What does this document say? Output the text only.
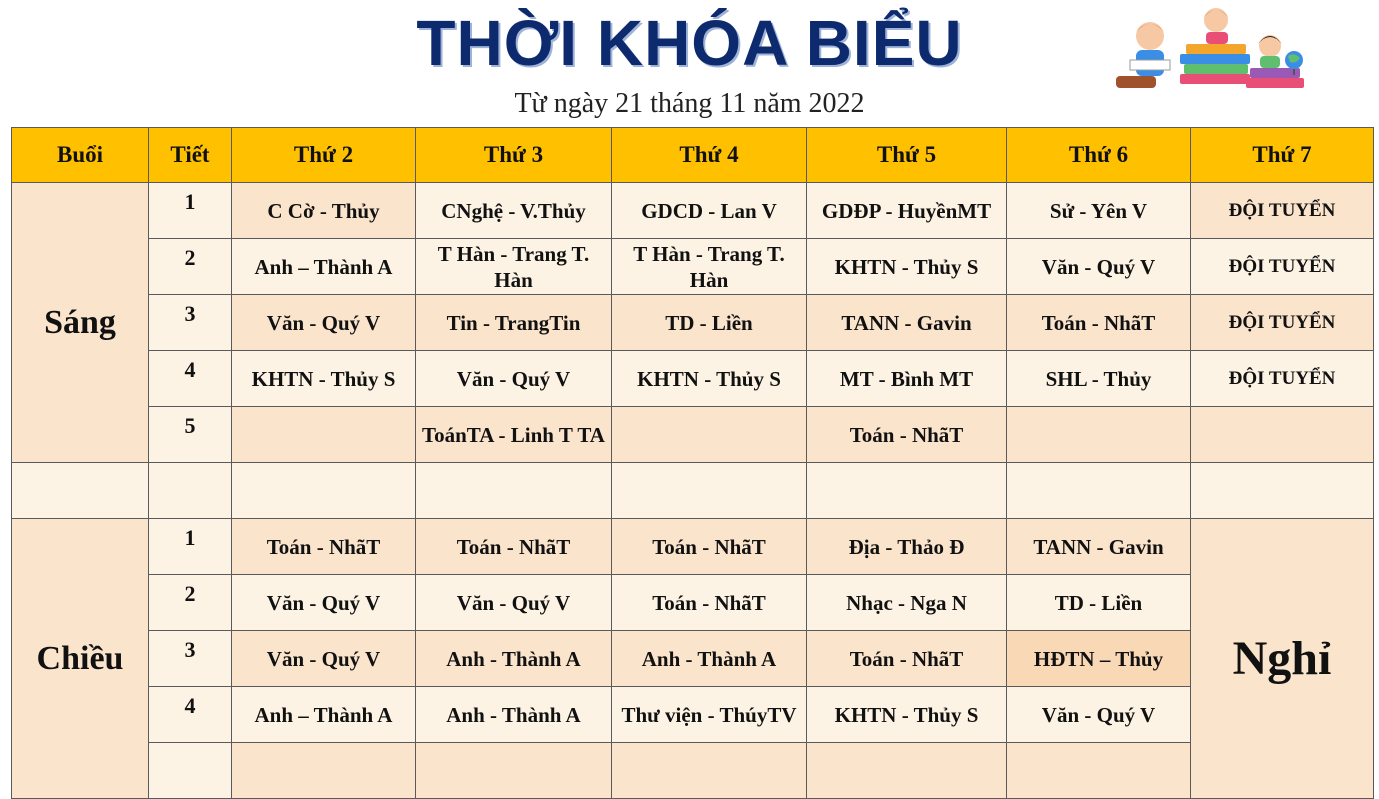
THỜI KHÓA BIỂU
Từ ngày 21 tháng 11 năm 2022
Buổi	Tiết	Thứ 2	Thứ 3	Thứ 4	Thứ 5	Thứ 6	Thứ 7
Sáng	1	C Cờ - Thủy	CNghệ - V.Thủy	GDCD - Lan V	GDĐP - HuyềnMT	Sử - Yên V	ĐỘI TUYỂN
	2	Anh – Thành A	T Hàn - Trang T. Hàn	T Hàn - Trang T. Hàn	KHTN - Thủy S	Văn - Quý V	ĐỘI TUYỂN
	3	Văn - Quý V	Tin - TrangTin	TD - Liền	TANN - Gavin	Toán - NhãT	ĐỘI TUYỂN
	4	KHTN - Thủy S	Văn - Quý V	KHTN - Thủy S	MT - Bình MT	SHL - Thủy	ĐỘI TUYỂN
	5		ToánTA - Linh T TA		Toán - NhãT		

Chiều	1	Toán - NhãT	Toán - NhãT	Toán - NhãT	Địa - Thảo Đ	TANN - Gavin	Nghỉ
	2	Văn - Quý V	Văn - Quý V	Toán - NhãT	Nhạc - Nga N	TD - Liền	
	3	Văn - Quý V	Anh - Thành A	Anh - Thành A	Toán - NhãT	HĐTN – Thủy	
	4	Anh – Thành A	Anh - Thành A	Thư viện - ThúyTV	KHTN - Thủy S	Văn - Quý V	
